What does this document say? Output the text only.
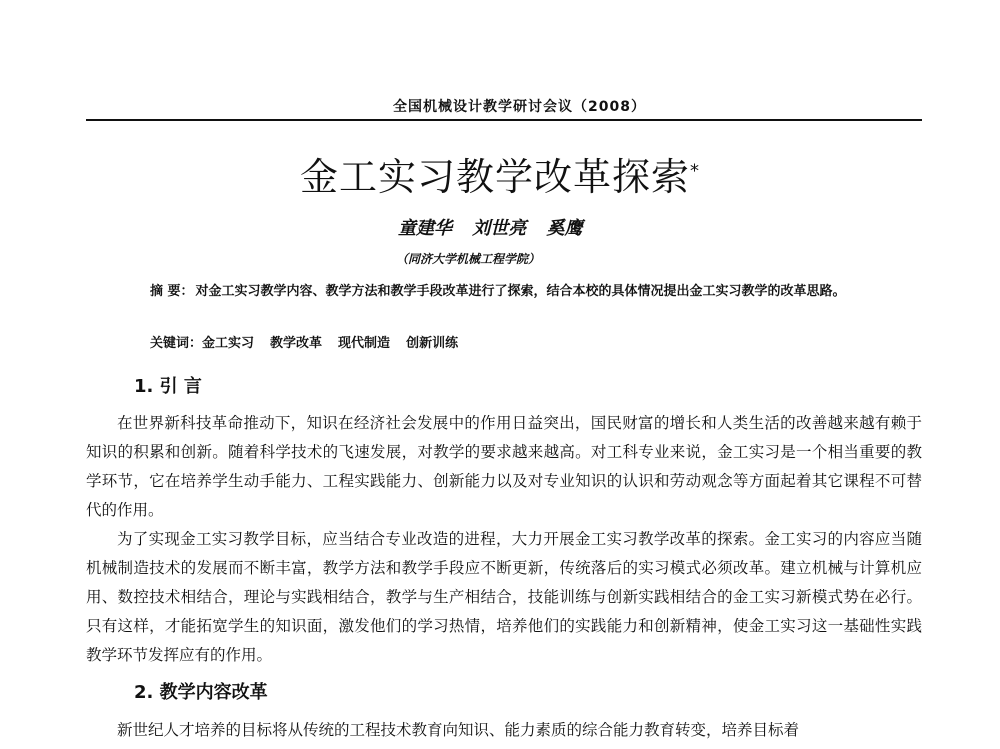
全国机械设计教学研讨会议（2008）
金工实习教学改革探索*
童建华 刘世亮 奚鹰
（同济大学机械工程学院）
摘 要： 对金工实习教学内容、教学方法和教学手段改革进行了探索，结合本校的具体情况提出金工实习教学的改革思路。
关键词：金工实习 教学改革 现代制造 创新训练
1. 引 言
在世界新科技革命推动下，知识在经济社会发展中的作用日益突出，国民财富的增长和人类生活的改善越来越有赖于知识的积累和创新。随着科学技术的飞速发展，对教学的要求越来越高。对工科专业来说，金工实习是一个相当重要的教学环节，它在培养学生动手能力、工程实践能力、创新能力以及对专业知识的认识和劳动观念等方面起着其它课程不可替代的作用。
为了实现金工实习教学目标，应当结合专业改造的进程，大力开展金工实习教学改革的探索。金工实习的内容应当随机械制造技术的发展而不断丰富，教学方法和教学手段应不断更新，传统落后的实习模式必须改革。建立机械与计算机应用、数控技术相结合，理论与实践相结合，教学与生产相结合，技能训练与创新实践相结合的金工实习新模式势在必行。只有这样，才能拓宽学生的知识面，激发他们的学习热情，培养他们的实践能力和创新精神，使金工实习这一基础性实践教学环节发挥应有的作用。
2. 教学内容改革
新世纪人才培养的目标将从传统的工程技术教育向知识、能力素质的综合能力教育转变，培养目标着
